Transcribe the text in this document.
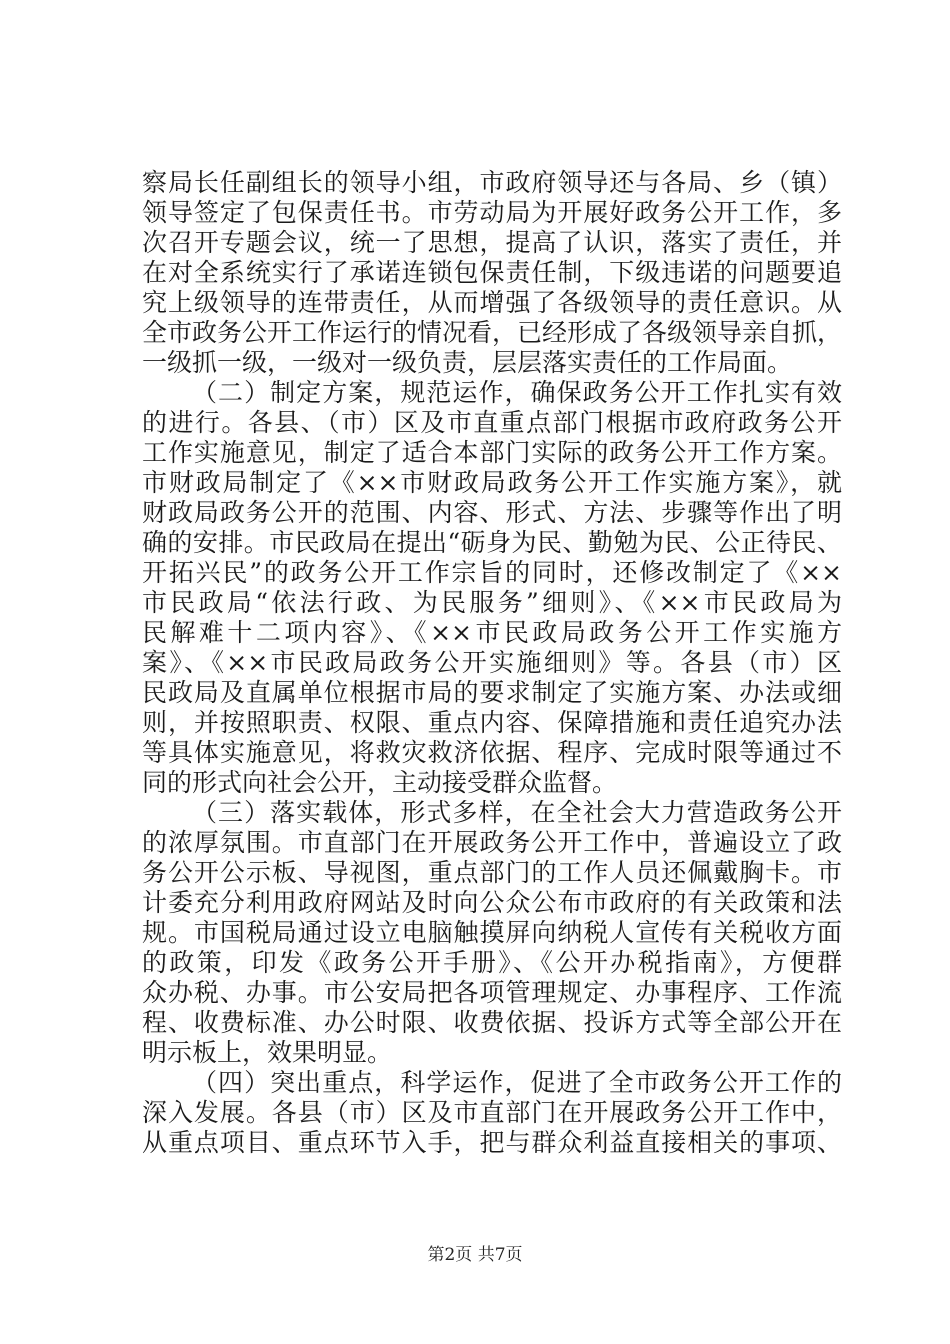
察局长任副组长的领导小组，市政府领导还与各局、乡（镇）
领导签定了包保责任书。市劳动局为开展好政务公开工作，多
次召开专题会议，统一了思想，提高了认识，落实了责任，并
在对全系统实行了承诺连锁包保责任制，下级违诺的问题要追
究上级领导的连带责任，从而增强了各级领导的责任意识。从
全市政务公开工作运行的情况看，已经形成了各级领导亲自抓，
一级抓一级，一级对一级负责，层层落实责任的工作局面。
（二）制定方案，规范运作，确保政务公开工作扎实有效
的进行。各县、（市）区及市直重点部门根据市政府政务公开
工作实施意见，制定了适合本部门实际的政务公开工作方案。
市财政局制定了《××市财政局政务公开工作实施方案》，就
财政局政务公开的范围、内容、形式、方法、步骤等作出了明
确的安排。市民政局在提出“砺身为民、勤勉为民、公正待民、
开拓兴民”的政务公开工作宗旨的同时，还修改制定了《××
市民政局“依法行政、为民服务”细则》、《××市民政局为
民解难十二项内容》、《××市民政局政务公开工作实施方
案》、《××市民政局政务公开实施细则》等。各县（市）区
民政局及直属单位根据市局的要求制定了实施方案、办法或细
则，并按照职责、权限、重点内容、保障措施和责任追究办法
等具体实施意见，将救灾救济依据、程序、完成时限等通过不
同的形式向社会公开，主动接受群众监督。
（三）落实载体，形式多样，在全社会大力营造政务公开
的浓厚氛围。市直部门在开展政务公开工作中，普遍设立了政
务公开公示板、导视图，重点部门的工作人员还佩戴胸卡。市
计委充分利用政府网站及时向公众公布市政府的有关政策和法
规。市国税局通过设立电脑触摸屏向纳税人宣传有关税收方面
的政策，印发《政务公开手册》、《公开办税指南》，方便群
众办税、办事。市公安局把各项管理规定、办事程序、工作流
程、收费标准、办公时限、收费依据、投诉方式等全部公开在
明示板上，效果明显。
（四）突出重点，科学运作，促进了全市政务公开工作的
深入发展。各县（市）区及市直部门在开展政务公开工作中，
从重点项目、重点环节入手，把与群众利益直接相关的事项、
第2页 共7页
